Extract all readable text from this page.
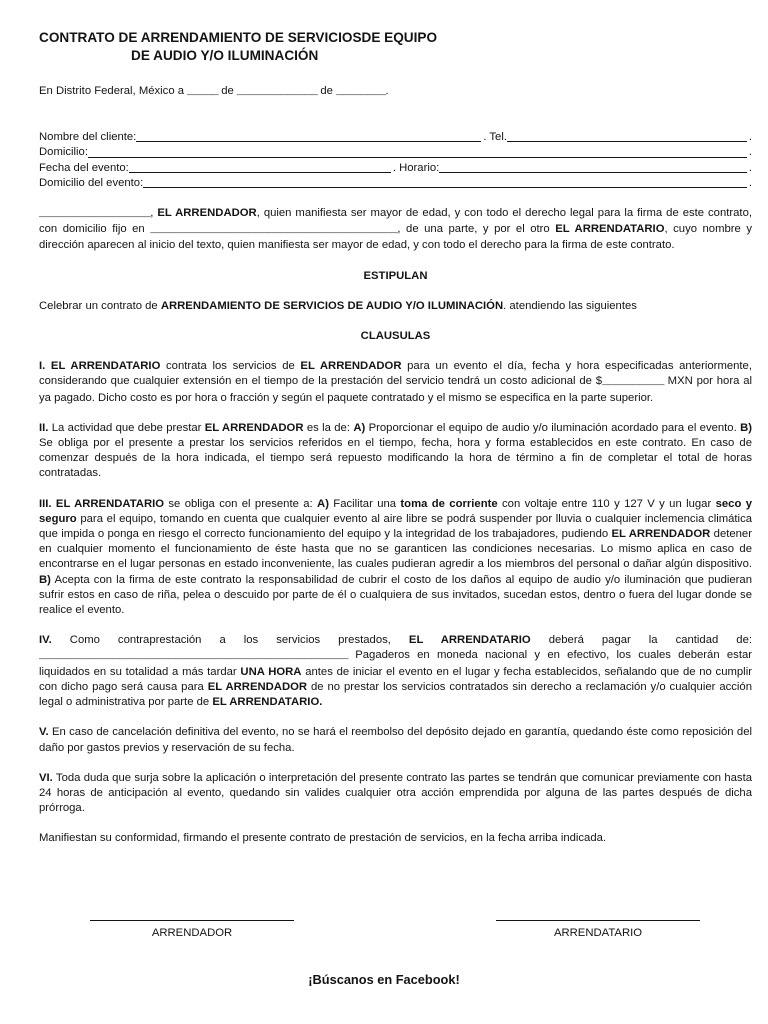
CONTRATO DE ARRENDAMIENTO DE SERVICIOSDE EQUIPO
DE AUDIO Y/O ILUMINACIÓN

En Distrito Federal, México a _____ de _____________ de ________.

Nombre del cliente:	. Tel.	.
Domicilio:	.
Fecha del evento:	. Horario:	.
Domicilio del evento:	.

__________________, EL ARRENDADOR, quien manifiesta ser mayor de edad, y con todo el derecho legal para la firma de este contrato, con domicilio fijo en ________________________________________, de una parte, y por el otro EL ARRENDATARIO, cuyo nombre y dirección aparecen al inicio del texto, quien manifiesta ser mayor de edad, y con todo el derecho para la firma de este contrato.

ESTIPULAN

Celebrar un contrato de ARRENDAMIENTO DE SERVICIOS DE AUDIO Y/O ILUMINACIÓN. atendiendo las siguientes

CLAUSULAS

I. EL ARRENDATARIO contrata los servicios de EL ARRENDADOR para un evento el día, fecha y hora especificadas anteriormente, considerando que cualquier extensión en el tiempo de la prestación del servicio tendrá un costo adicional de $__________ MXN por hora al ya pagado. Dicho costo es por hora o fracción y según el paquete contratado y el mismo se especifica en la parte superior.

II. La actividad que debe prestar EL ARRENDADOR es la de: A) Proporcionar el equipo de audio y/o iluminación acordado para el evento. B) Se obliga por el presente a prestar los servicios referidos en el tiempo, fecha, hora y forma establecidos en este contrato. En caso de comenzar después de la hora indicada, el tiempo será repuesto modificando la hora de término a fin de completar el total de horas contratadas.

III. EL ARRENDATARIO se obliga con el presente a: A) Facilitar una toma de corriente con voltaje entre 110 y 127 V y un lugar seco y seguro para el equipo, tomando en cuenta que cualquier evento al aire libre se podrá suspender por lluvia o cualquier inclemencia climática que impida o ponga en riesgo el correcto funcionamiento del equipo y la integridad de los trabajadores, pudiendo EL ARRENDADOR detener en cualquier momento el funcionamiento de éste hasta que no se garanticen las condiciones necesarias. Lo mismo aplica en caso de encontrarse en el lugar personas en estado inconveniente, las cuales pudieran agredir a los miembros del personal o dañar algún dispositivo. B) Acepta con la firma de este contrato la responsabilidad de cubrir el costo de los daños al equipo de audio y/o iluminación que pudieran sufrir estos en caso de riña, pelea o descuido por parte de él o cualquiera de sus invitados, sucedan estos, dentro o fuera del lugar donde se realice el evento.

IV. Como contraprestación a los servicios prestados, EL ARRENDATARIO deberá pagar la cantidad de: __________________________________________________ Pagaderos en moneda nacional y en efectivo, los cuales deberán estar liquidados en su totalidad a más tardar UNA HORA antes de iniciar el evento en el lugar y fecha establecidos, señalando que de no cumplir con dicho pago será causa para EL ARRENDADOR de no prestar los servicios contratados sin derecho a reclamación y/o cualquier acción legal o administrativa por parte de EL ARRENDATARIO.

V. En caso de cancelación definitiva del evento, no se hará el reembolso del depósito dejado en garantía, quedando éste como reposición del daño por gastos previos y reservación de su fecha.

VI. Toda duda que surja sobre la aplicación o interpretación del presente contrato las partes se tendrán que comunicar previamente con hasta 24 horas de anticipación al evento, quedando sin valides cualquier otra acción emprendida por alguna de las partes después de dicha prórroga.

Manifiestan su conformidad, firmando el presente contrato de prestación de servicios, en la fecha arriba indicada.

ARRENDADOR	ARRENDATARIO
¡Búscanos en Facebook!
